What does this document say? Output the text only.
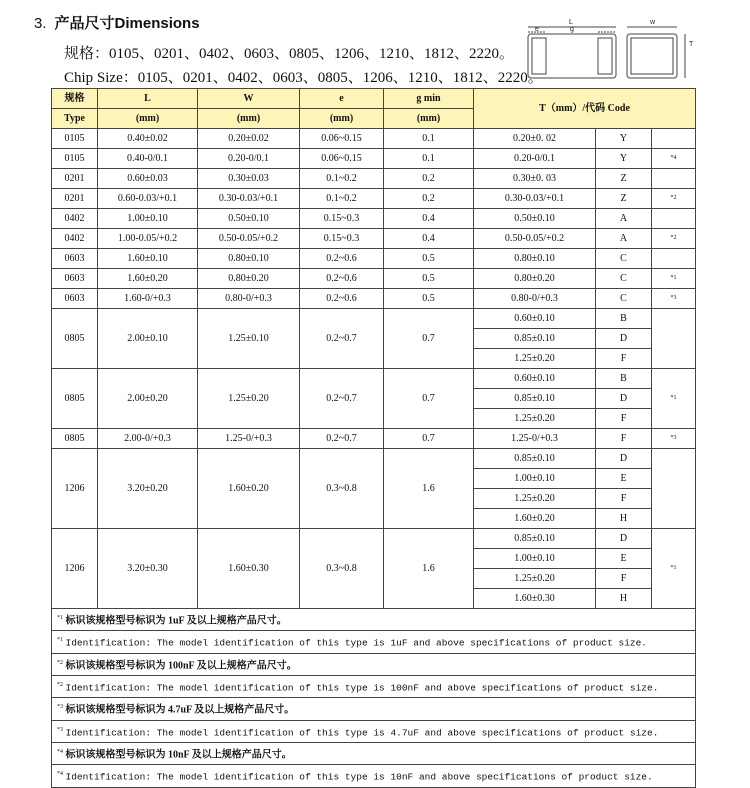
3. 产品尺寸Dimensions
规格：0105、0201、0402、0603、0805、1206、1210、1812、2220。
Chip Size：0105、0201、0402、0603、0805、1206、1210、1812、2220。
L
e	g
w
T
规格	L	W	e	g min	T（mm）/代码 Code		
Type	(mm)	(mm)	(mm)	(mm)			
0105	0.40±0.02	0.20±0.02	0.06~0.15	0.1	0.20±0. 02	Y	
0105	0.40-0/0.1	0.20-0/0.1	0.06~0.15	0.1	0.20-0/0.1	Y	*4
0201	0.60±0.03	0.30±0.03	0.1~0.2	0.2	0.30±0. 03	Z	
0201	0.60-0.03/+0.1	0.30-0.03/+0.1	0.1~0.2	0.2	0.30-0.03/+0.1	Z	*2
0402	1.00±0.10	0.50±0.10	0.15~0.3	0.4	0.50±0.10	A	
0402	1.00-0.05/+0.2	0.50-0.05/+0.2	0.15~0.3	0.4	0.50-0.05/+0.2	A	*2
0603	1.60±0.10	0.80±0.10	0.2~0.6	0.5	0.80±0.10	C	
0603	1.60±0.20	0.80±0.20	0.2~0.6	0.5	0.80±0.20	C	*1
0603	1.60-0/+0.3	0.80-0/+0.3	0.2~0.6	0.5	0.80-0/+0.3	C	*3
0805	2.00±0.10	1.25±0.10	0.2~0.7	0.7	0.60±0.10	B	
					0.85±0.10	D	
					1.25±0.20	F	
0805	2.00±0.20	1.25±0.20	0.2~0.7	0.7	0.60±0.10	B	*1
					0.85±0.10	D	
					1.25±0.20	F	
0805	2.00-0/+0.3	1.25-0/+0.3	0.2~0.7	0.7	1.25-0/+0.3	F	*3
1206	3.20±0.20	1.60±0.20	0.3~0.8	1.6	0.85±0.10	D	
					1.00±0.10	E	
					1.25±0.20	F	
					1.60±0.20	H	
1206	3.20±0.30	1.60±0.30	0.3~0.8	1.6	0.85±0.10	D	*1
					1.00±0.10	E	
					1.25±0.20	F	
					1.60±0.30	H	
$^{*1}$ 标识该规格型号标识为 1uF 及以上规格产品尺寸。							
$^{*1}$ Identification: The model identification of this type is 1uF and above specifications of product size.							
$^{*2}$ 标识该规格型号标识为 100nF 及以上规格产品尺寸。							
$^{*2}$ Identification: The model identification of this type is 100nF and above specifications of product size.							
$^{*3}$ 标识该规格型号标识为 4.7uF 及以上规格产品尺寸。							
$^{*3}$ Identification: The model identification of this type is 4.7uF and above specifications of product size.							
$^{*4}$ 标识该规格型号标识为 10nF 及以上规格产品尺寸。							
$^{*4}$ Identification: The model identification of this type is 10nF and above specifications of product size.							
